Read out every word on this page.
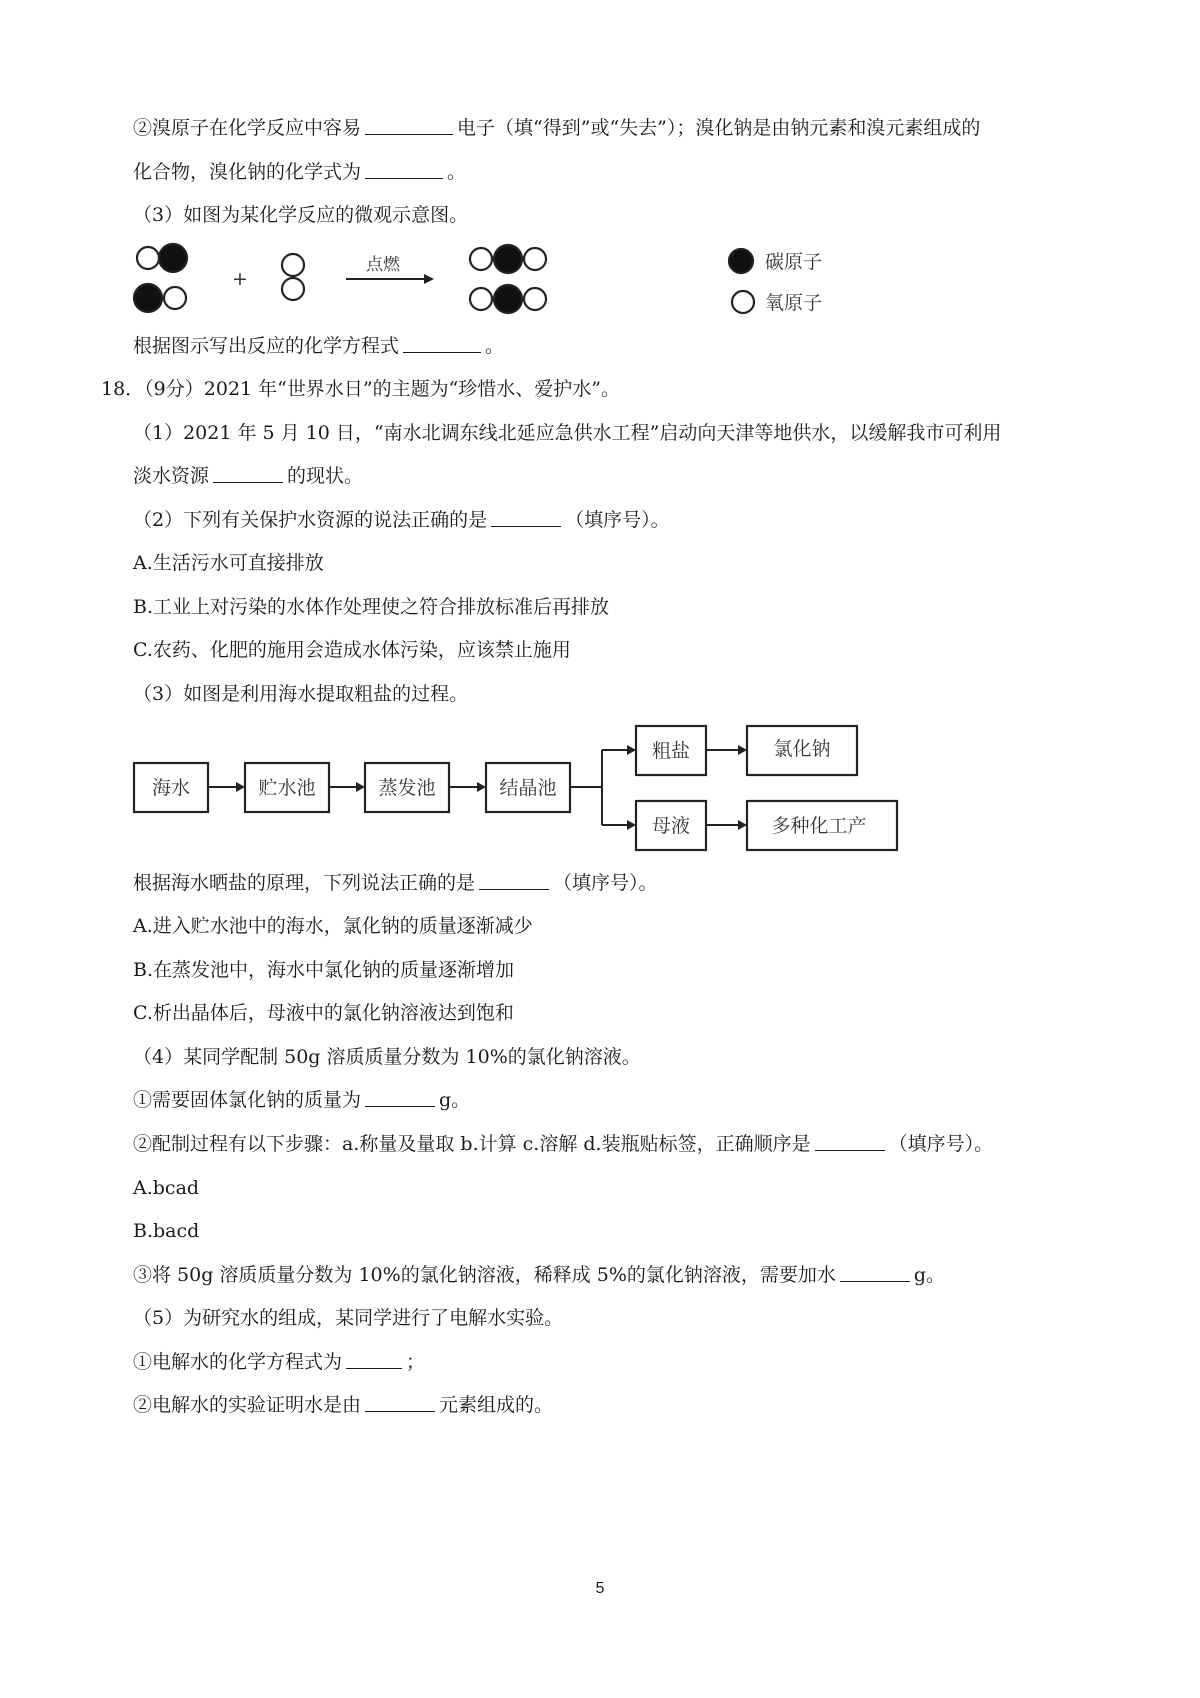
②溴原子在化学反应中容易	电子（填“得到”或“失去”）；溴化钠是由钠元素和溴元素组成的
化合物，溴化钠的化学式为	。
（3）如图为某化学反应的微观示意图。
+
点燃	碳原子
氧原子
海水	贮水池	蒸发池	结晶池
粗盐	氯化钠
母液	多种化工产
根据图示写出反应的化学方程式	。
18．（9分）2021 年“世界水日”的主题为“珍惜水、爱护水”。
（1）2021 年 5 月 10 日，“南水北调东线北延应急供水工程”启动向天津等地供水，以缓解我市可利用
淡水资源	的现状。
（2）下列有关保护水资源的说法正确的是	（填序号）。
A.生活污水可直接排放
B.工业上对污染的水体作处理使之符合排放标准后再排放
C.农药、化肥的施用会造成水体污染，应该禁止施用
（3）如图是利用海水提取粗盐的过程。
根据海水晒盐的原理，下列说法正确的是	（填序号）。
A.进入贮水池中的海水，氯化钠的质量逐渐减少
B.在蒸发池中，海水中氯化钠的质量逐渐增加
C.析出晶体后，母液中的氯化钠溶液达到饱和
（4）某同学配制 50g 溶质质量分数为 10%的氯化钠溶液。
①需要固体氯化钠的质量为	g。
②配制过程有以下步骤：a.称量及量取 b.计算 c.溶解 d.装瓶贴标签，正确顺序是	（填序号）。
A.bcad
B.bacd
③将 50g 溶质质量分数为 10%的氯化钠溶液，稀释成 5%的氯化钠溶液，需要加水	g。
（5）为研究水的组成，某同学进行了电解水实验。
①电解水的化学方程式为	；
②电解水的实验证明水是由	元素组成的。
5
